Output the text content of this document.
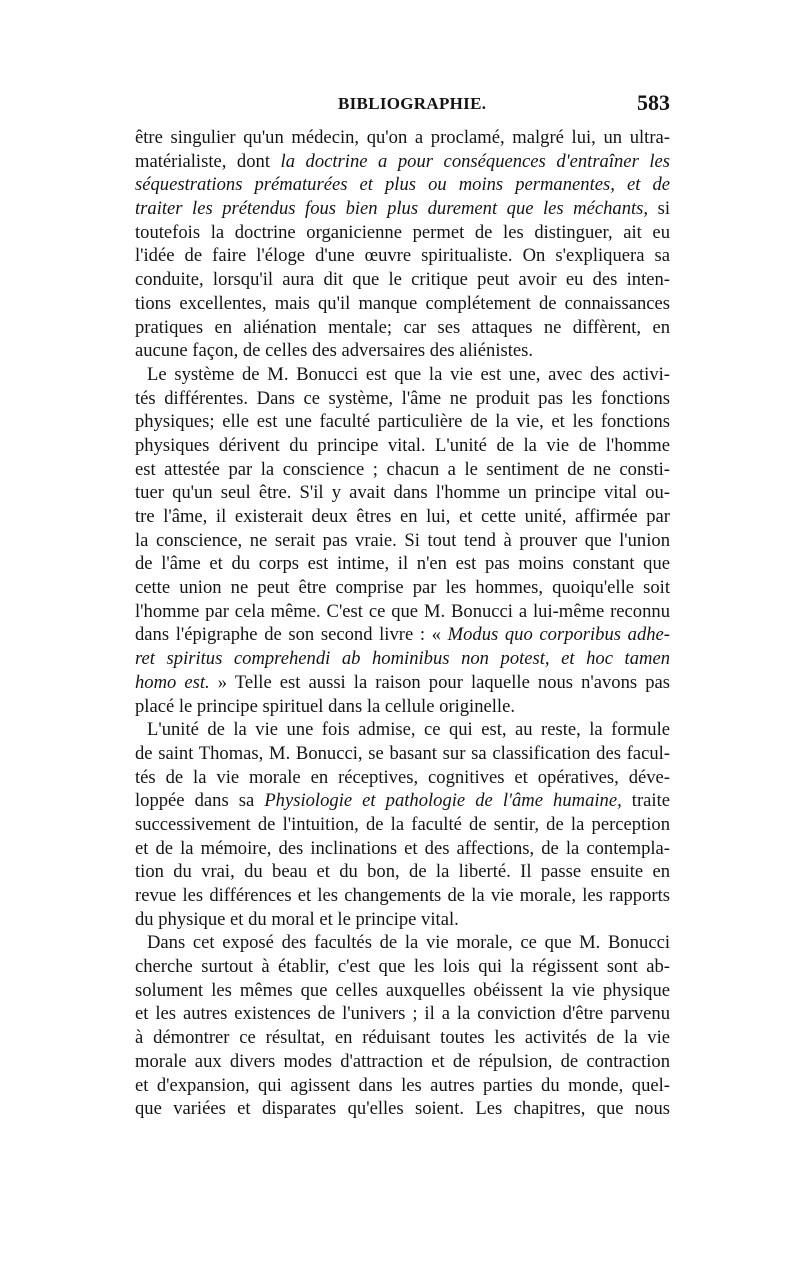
BIBLIOGRAPHIE.	583
être singulier qu'un médecin, qu'on a proclamé, malgré lui, un ultra-
matérialiste, dont la doctrine a pour conséquences d'entraîner les
séquestrations prématurées et plus ou moins permanentes, et de
traiter les prétendus fous bien plus durement que les méchants, si
toutefois la doctrine organicienne permet de les distinguer, ait eu
l'idée de faire l'éloge d'une œuvre spiritualiste. On s'expliquera sa
conduite, lorsqu'il aura dit que le critique peut avoir eu des inten-
tions excellentes, mais qu'il manque complétement de connaissances
pratiques en aliénation mentale; car ses attaques ne diffèrent, en
aucune façon, de celles des adversaires des aliénistes.
Le système de M. Bonucci est que la vie est une, avec des activi-
tés différentes. Dans ce système, l'âme ne produit pas les fonctions
physiques; elle est une faculté particulière de la vie, et les fonctions
physiques dérivent du principe vital. L'unité de la vie de l'homme
est attestée par la conscience ; chacun a le sentiment de ne consti-
tuer qu'un seul être. S'il y avait dans l'homme un principe vital ou-
tre l'âme, il existerait deux êtres en lui, et cette unité, affirmée par
la conscience, ne serait pas vraie. Si tout tend à prouver que l'union
de l'âme et du corps est intime, il n'en est pas moins constant que
cette union ne peut être comprise par les hommes, quoiqu'elle soit
l'homme par cela même. C'est ce que M. Bonucci a lui-même reconnu
dans l'épigraphe de son second livre : « Modus quo corporibus adhe-
ret spiritus comprehendi ab hominibus non potest, et hoc tamen
homo est. » Telle est aussi la raison pour laquelle nous n'avons pas
placé le principe spirituel dans la cellule originelle.
L'unité de la vie une fois admise, ce qui est, au reste, la formule
de saint Thomas, M. Bonucci, se basant sur sa classification des facul-
tés de la vie morale en réceptives, cognitives et opératives, déve-
loppée dans sa Physiologie et pathologie de l'âme humaine, traite
successivement de l'intuition, de la faculté de sentir, de la perception
et de la mémoire, des inclinations et des affections, de la contempla-
tion du vrai, du beau et du bon, de la liberté. Il passe ensuite en
revue les différences et les changements de la vie morale, les rapports
du physique et du moral et le principe vital.
Dans cet exposé des facultés de la vie morale, ce que M. Bonucci
cherche surtout à établir, c'est que les lois qui la régissent sont ab-
solument les mêmes que celles auxquelles obéissent la vie physique
et les autres existences de l'univers ; il a la conviction d'être parvenu
à démontrer ce résultat, en réduisant toutes les activités de la vie
morale aux divers modes d'attraction et de répulsion, de contraction
et d'expansion, qui agissent dans les autres parties du monde, quel-
que variées et disparates qu'elles soient. Les chapitres, que nous
